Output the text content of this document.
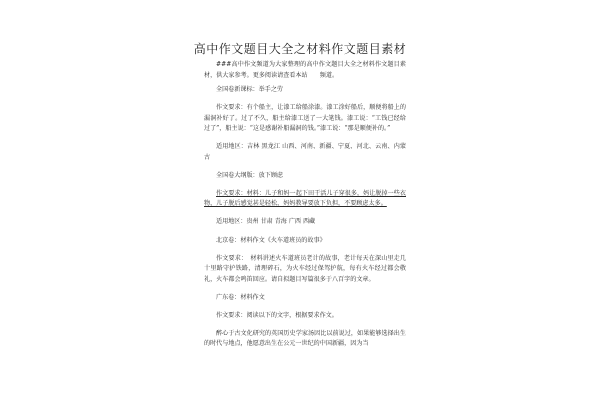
高中作文题目大全之材料作文题目素材

###高中作文频道为大家整理的高中作文题目大全之材料作文题目素材，供大家参考。更多阅读请查看本站　　频道。

全国卷新课标：举手之劳

作文要求：有个船主，让漆工给船涂漆。漆工涂好船后，顺便将船上的漏洞补好了。过了不久，船主给漆工送了一大笔钱。漆工说：“工钱已经给过了”，船主说：“这是感谢补船漏洞的钱。”漆工说：“那是顺便补的。”

适用地区：吉林 黑龙江 山西、河南、新疆、宁夏、河北、云南、内蒙古

全国卷大纲版：放下顾虑

作文要求：材料：儿子和妈一起下田干活儿子穿很多，妈让脱掉一些衣物，儿子脱后感觉甚是轻松，妈妈教导要放下负担，不要顾虑太多。

适用地区：贵州 甘肃 青海 广西 西藏

北京卷：材料作文《火车道班员的故事》

作文要求：　材料讲述火车道班员老计的故事，老计每天在深山里走几十里路守护铁路，清理碎石，为火车经过保驾护航，每有火车经过都会敬礼，火车都会鸣笛回应。请自拟题目写篇很多于八百字的文章。

广东卷：材料作文

作文要求：阅读以下的文字，根据要求作文。

醉心于古文化研究的英国历史学家汤因比以前说过，如果能够选择出生的时代与地点，他愿意出生在公元一世纪的中国新疆，因为当
